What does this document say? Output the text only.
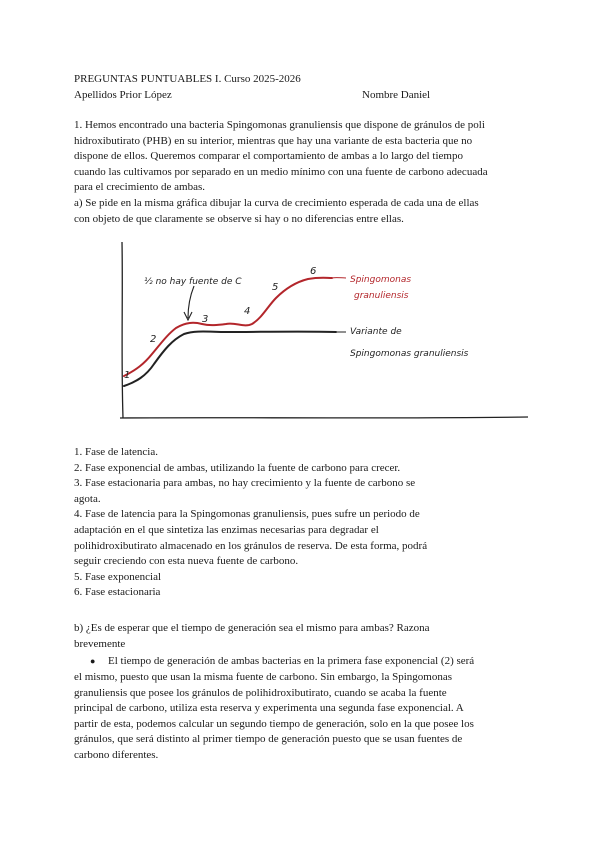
PREGUNTAS PUNTUABLES I. Curso 2025-2026
Apellidos Prior López	Nombre Daniel
1. Hemos encontrado una bacteria Spingomonas granuliensis que dispone de gránulos de poli
hidroxibutirato (PHB) en su interior, mientras que hay una variante de esta bacteria que no
dispone de ellos. Queremos comparar el comportamiento de ambas a lo largo del tiempo
cuando las cultivamos por separado en un medio mínimo con una fuente de carbono adecuada
para el crecimiento de ambas.
a) Se pide en la misma gráfica dibujar la curva de crecimiento esperada de cada una de ellas
con objeto de que claramente se observe si hay o no diferencias entre ellas.
½ no hay fuente de C
1
2
3
4
5
6
Spingomonas
granuliensis
Variante de
Spingomonas granuliensis
1. Fase de latencia.
2. Fase exponencial de ambas, utilizando la fuente de carbono para crecer.
3. Fase estacionaria para ambas, no hay crecimiento y la fuente de carbono se
agota.
4. Fase de latencia para la Spingomonas granuliensis, pues sufre un periodo de
adaptación en el que sintetiza las enzimas necesarias para degradar el
polihidroxibutirato almacenado en los gránulos de reserva. De esta forma, podrá
seguir creciendo con esta nueva fuente de carbono.
5. Fase exponencial
6. Fase estacionaria
b) ¿Es de esperar que el tiempo de generación sea el mismo para ambas? Razona
brevemente
● El tiempo de generación de ambas bacterias en la primera fase exponencial (2) será
el mismo, puesto que usan la misma fuente de carbono. Sin embargo, la Spingomonas
granuliensis que posee los gránulos de polihidroxibutirato, cuando se acaba la fuente
principal de carbono, utiliza esta reserva y experimenta una segunda fase exponencial. A
partir de esta, podemos calcular un segundo tiempo de generación, solo en la que posee los
gránulos, que será distinto al primer tiempo de generación puesto que se usan fuentes de
carbono diferentes.
